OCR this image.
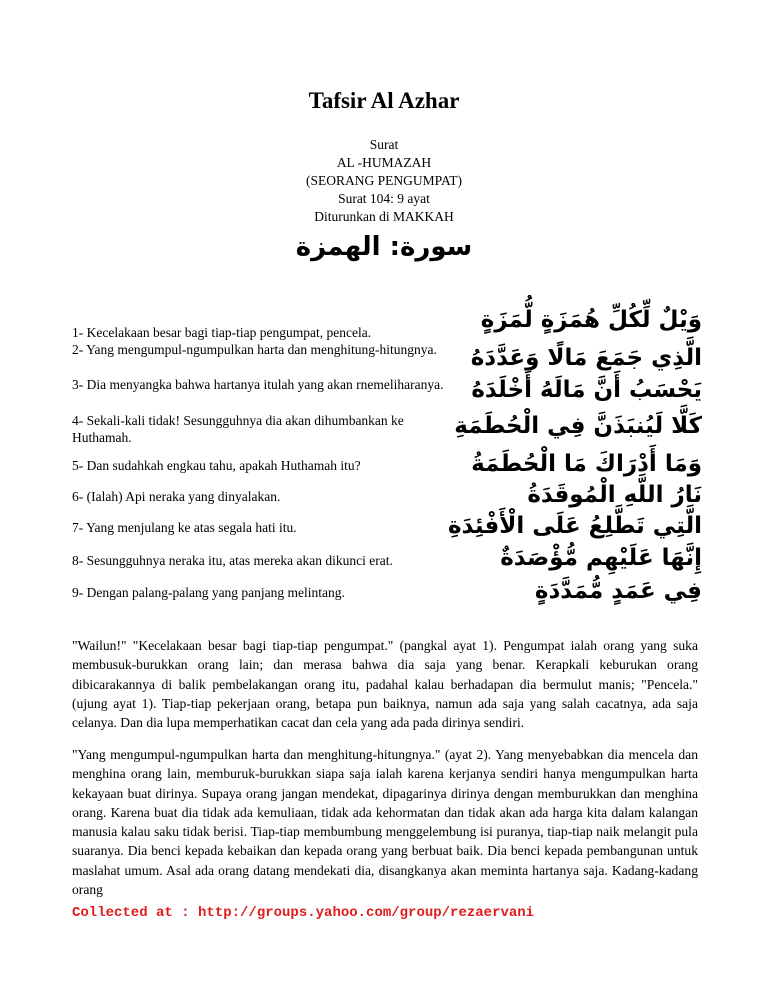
Tafsir Al Azhar
Surat
AL -HUMAZAH
(SEORANG PENGUMPAT)
Surat 104: 9 ayat
Diturunkan di MAKKAH
سورة: الهمزة
1- Kecelakaan besar bagi tiap-tiap pengumpat, pencela.	وَيْلٌ لِّكُلِّ هُمَزَةٍ لُّمَزَةٍ
2- Yang mengumpul-ngumpulkan harta dan menghitung-hitungnya.	الَّذِي جَمَعَ مَالًا وَعَدَّدَهُ
3- Dia menyangka bahwa hartanya itulah yang akan rnemeliharanya.	يَحْسَبُ أَنَّ مَالَهُ أَخْلَدَهُ
4- Sekali-kali tidak! Sesungguhnya dia akan dihumbankan ke Huthamah.	كَلَّا لَيُنبَذَنَّ فِي الْحُطَمَةِ
5- Dan sudahkah engkau tahu, apakah Huthamah itu?	وَمَا أَدْرَاكَ مَا الْحُطَمَةُ
6- (Ialah) Api neraka yang dinyalakan.	نَارُ اللَّهِ الْمُوقَدَةُ
7- Yang menjulang ke atas segala hati itu.	الَّتِي تَطَّلِعُ عَلَى الْأَفْئِدَةِ
8- Sesungguhnya neraka itu, atas mereka akan dikunci erat.	إِنَّهَا عَلَيْهِم مُّؤْصَدَةٌ
9- Dengan palang-palang yang panjang melintang.	فِي عَمَدٍ مُّمَدَّدَةٍ
"Wailun!" "Kecelakaan besar bagi tiap-tiap pengumpat." (pangkal ayat 1). Pengumpat ialah orang yang suka membusuk-burukkan orang lain; dan merasa bahwa dia saja yang benar. Kerapkali keburukan orang dibicarakannya di balik pembelakangan orang itu, padahal kalau berhadapan dia bermulut manis; "Pencela." (ujung ayat 1). Tiap-tiap pekerjaan orang, betapa pun baiknya, namun ada saja yang salah cacatnya, ada saja celanya. Dan dia lupa memperhatikan cacat dan cela yang ada pada dirinya sendiri.
"Yang mengumpul-ngumpulkan harta dan menghitung-hitungnya." (ayat 2). Yang menyebabkan dia mencela dan menghina orang lain, memburuk-burukkan siapa saja ialah karena kerjanya sendiri hanya mengumpulkan harta kekayaan buat dirinya. Supaya orang jangan mendekat, dipagarinya dirinya dengan memburukkan dan menghina orang. Karena buat dia tidak ada kemuliaan, tidak ada kehormatan dan tidak akan ada harga kita dalam kalangan manusia kalau saku tidak berisi. Tiap-tiap membumbung menggelembung isi puranya, tiap-tiap naik melangit pula suaranya. Dia benci kepada kebaikan dan kepada orang yang berbuat baik. Dia benci kepada pembangunan untuk maslahat umum. Asal ada orang datang mendekati dia, disangkanya akan meminta hartanya saja. Kadang-kadang orang
Collected at : http://groups.yahoo.com/group/rezaervani
